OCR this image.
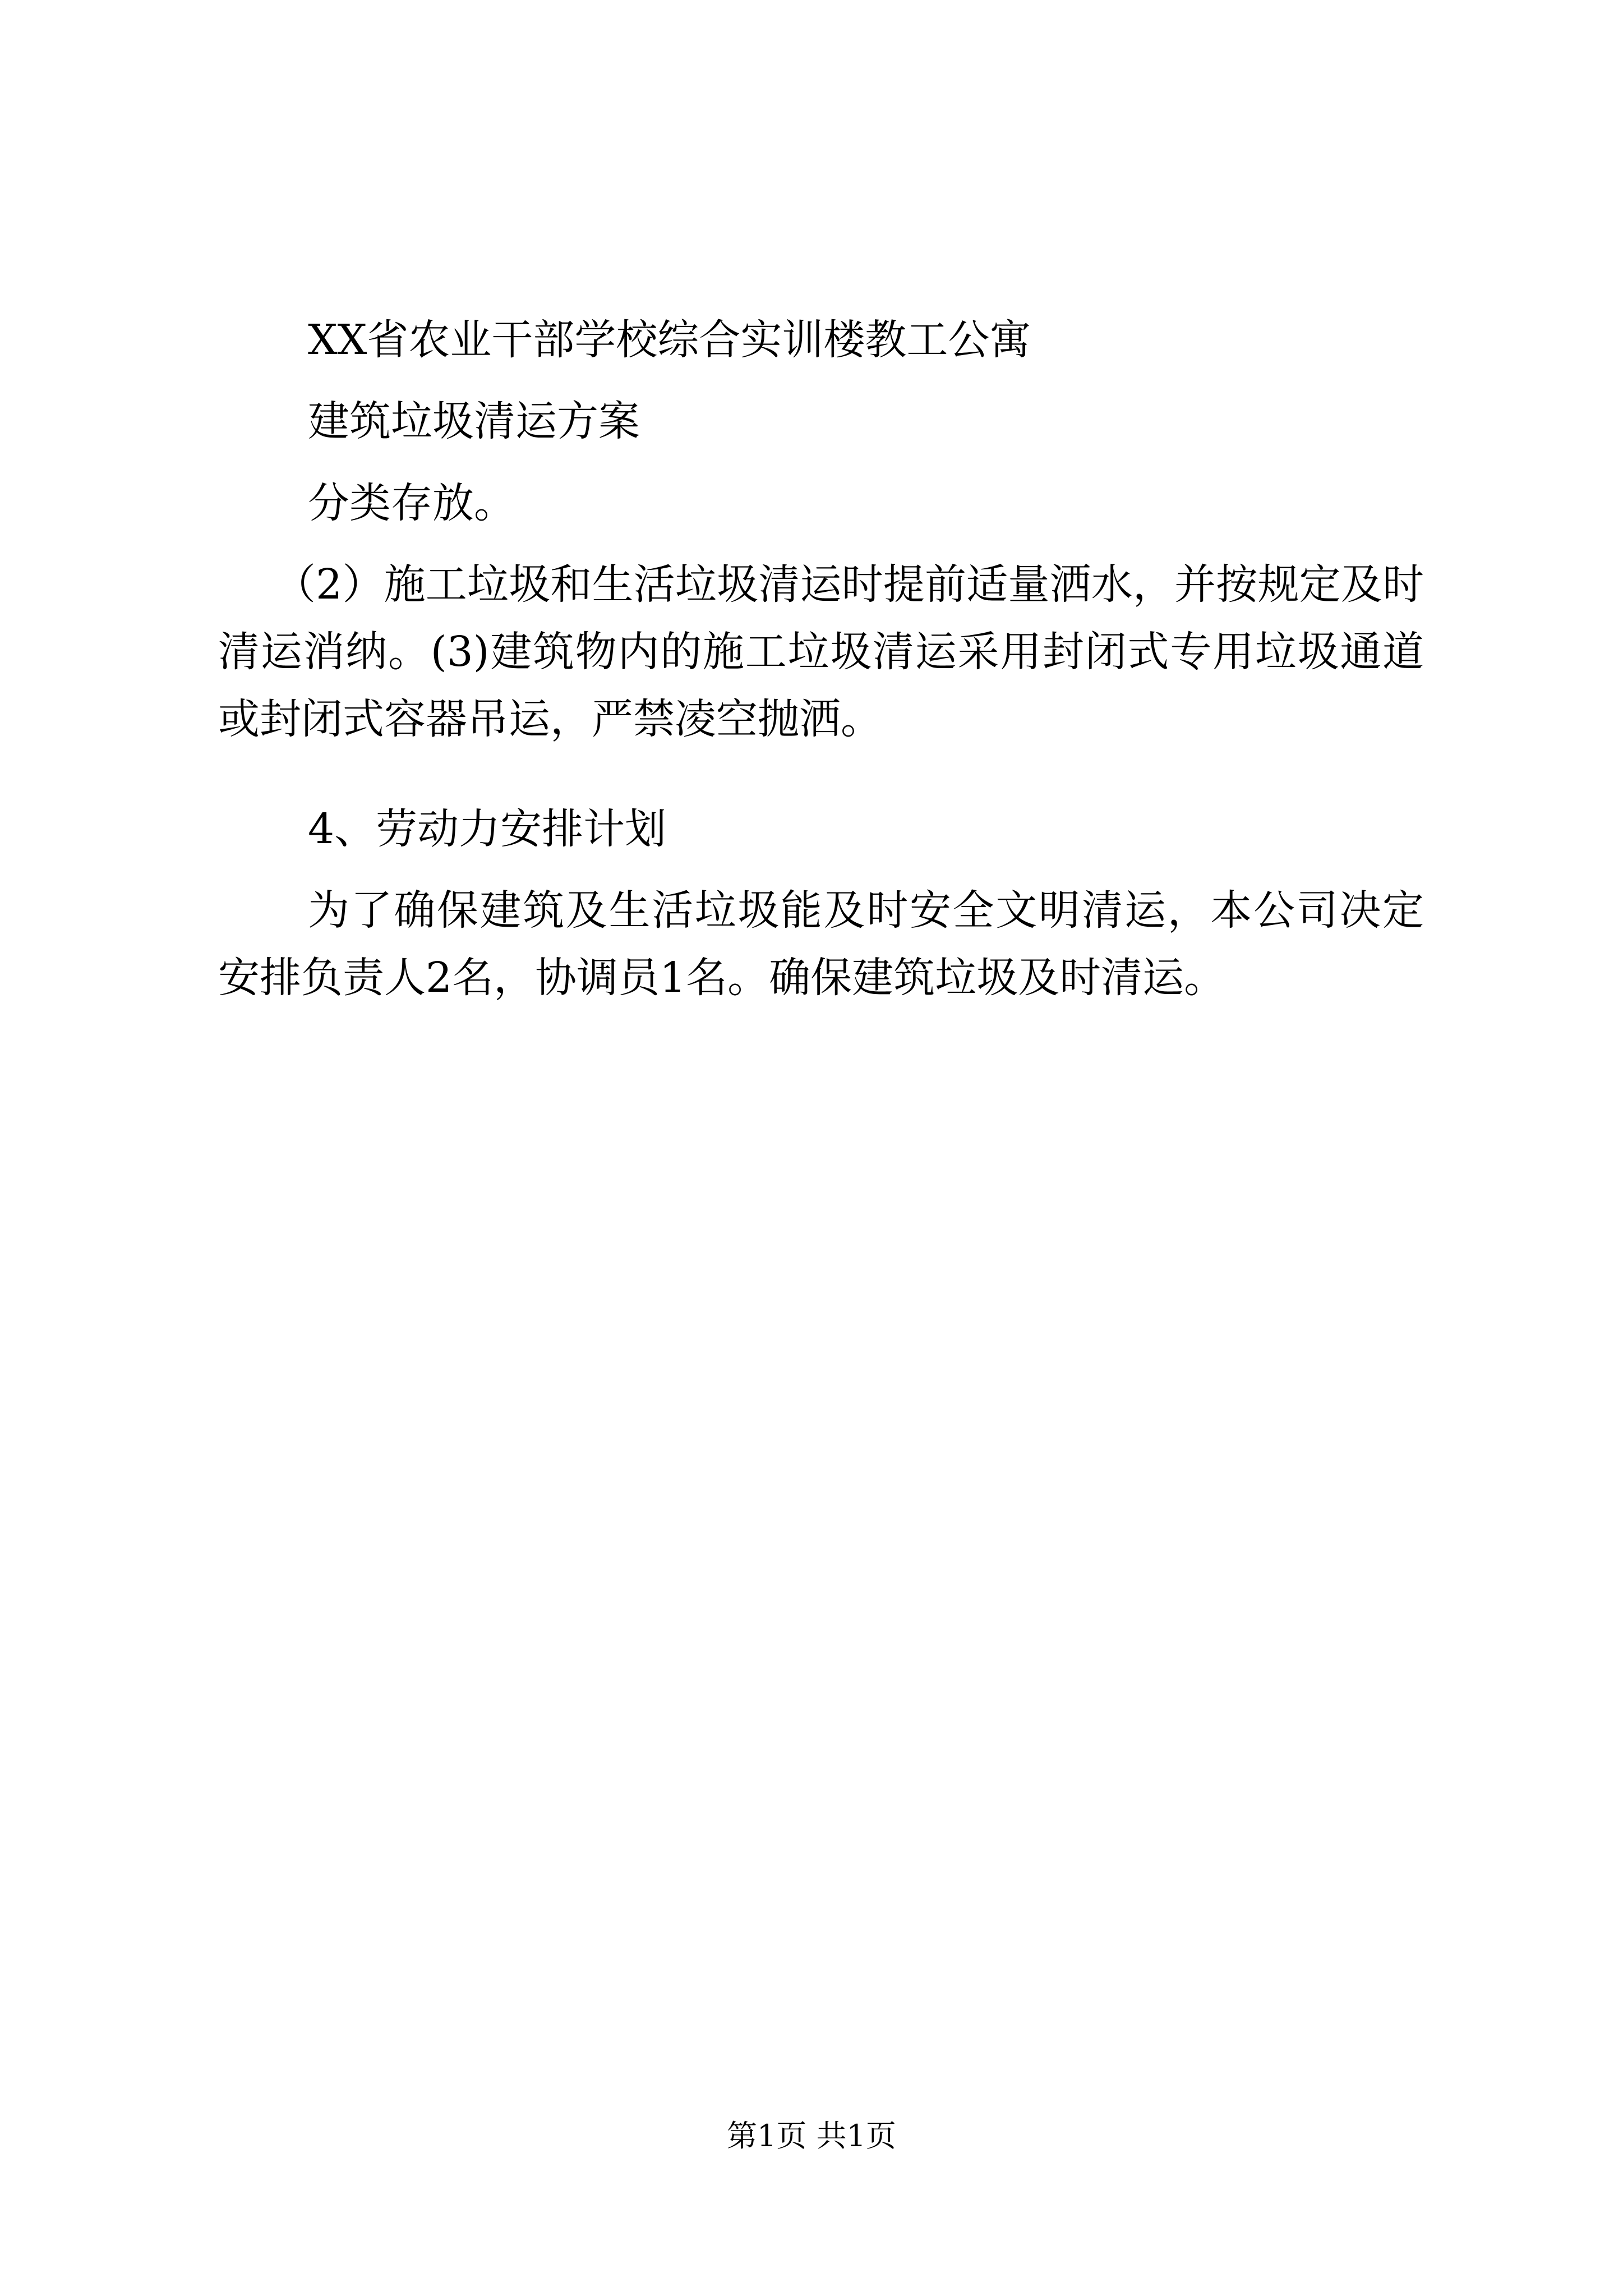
XX省农业干部学校综合实训楼教工公寓
建筑垃圾清运方案
分类存放。
（2）施工垃圾和生活垃圾清运时提前适量洒水，并按规定及时清运消纳。(3)建筑物内的施工垃圾清运采用封闭式专用垃圾通道或封闭式容器吊运，严禁凌空抛洒。
4、劳动力安排计划
为了确保建筑及生活垃圾能及时安全文明清运，本公司决定安排负责人2名，协调员1名。确保建筑垃圾及时清运。
第1页 共1页
